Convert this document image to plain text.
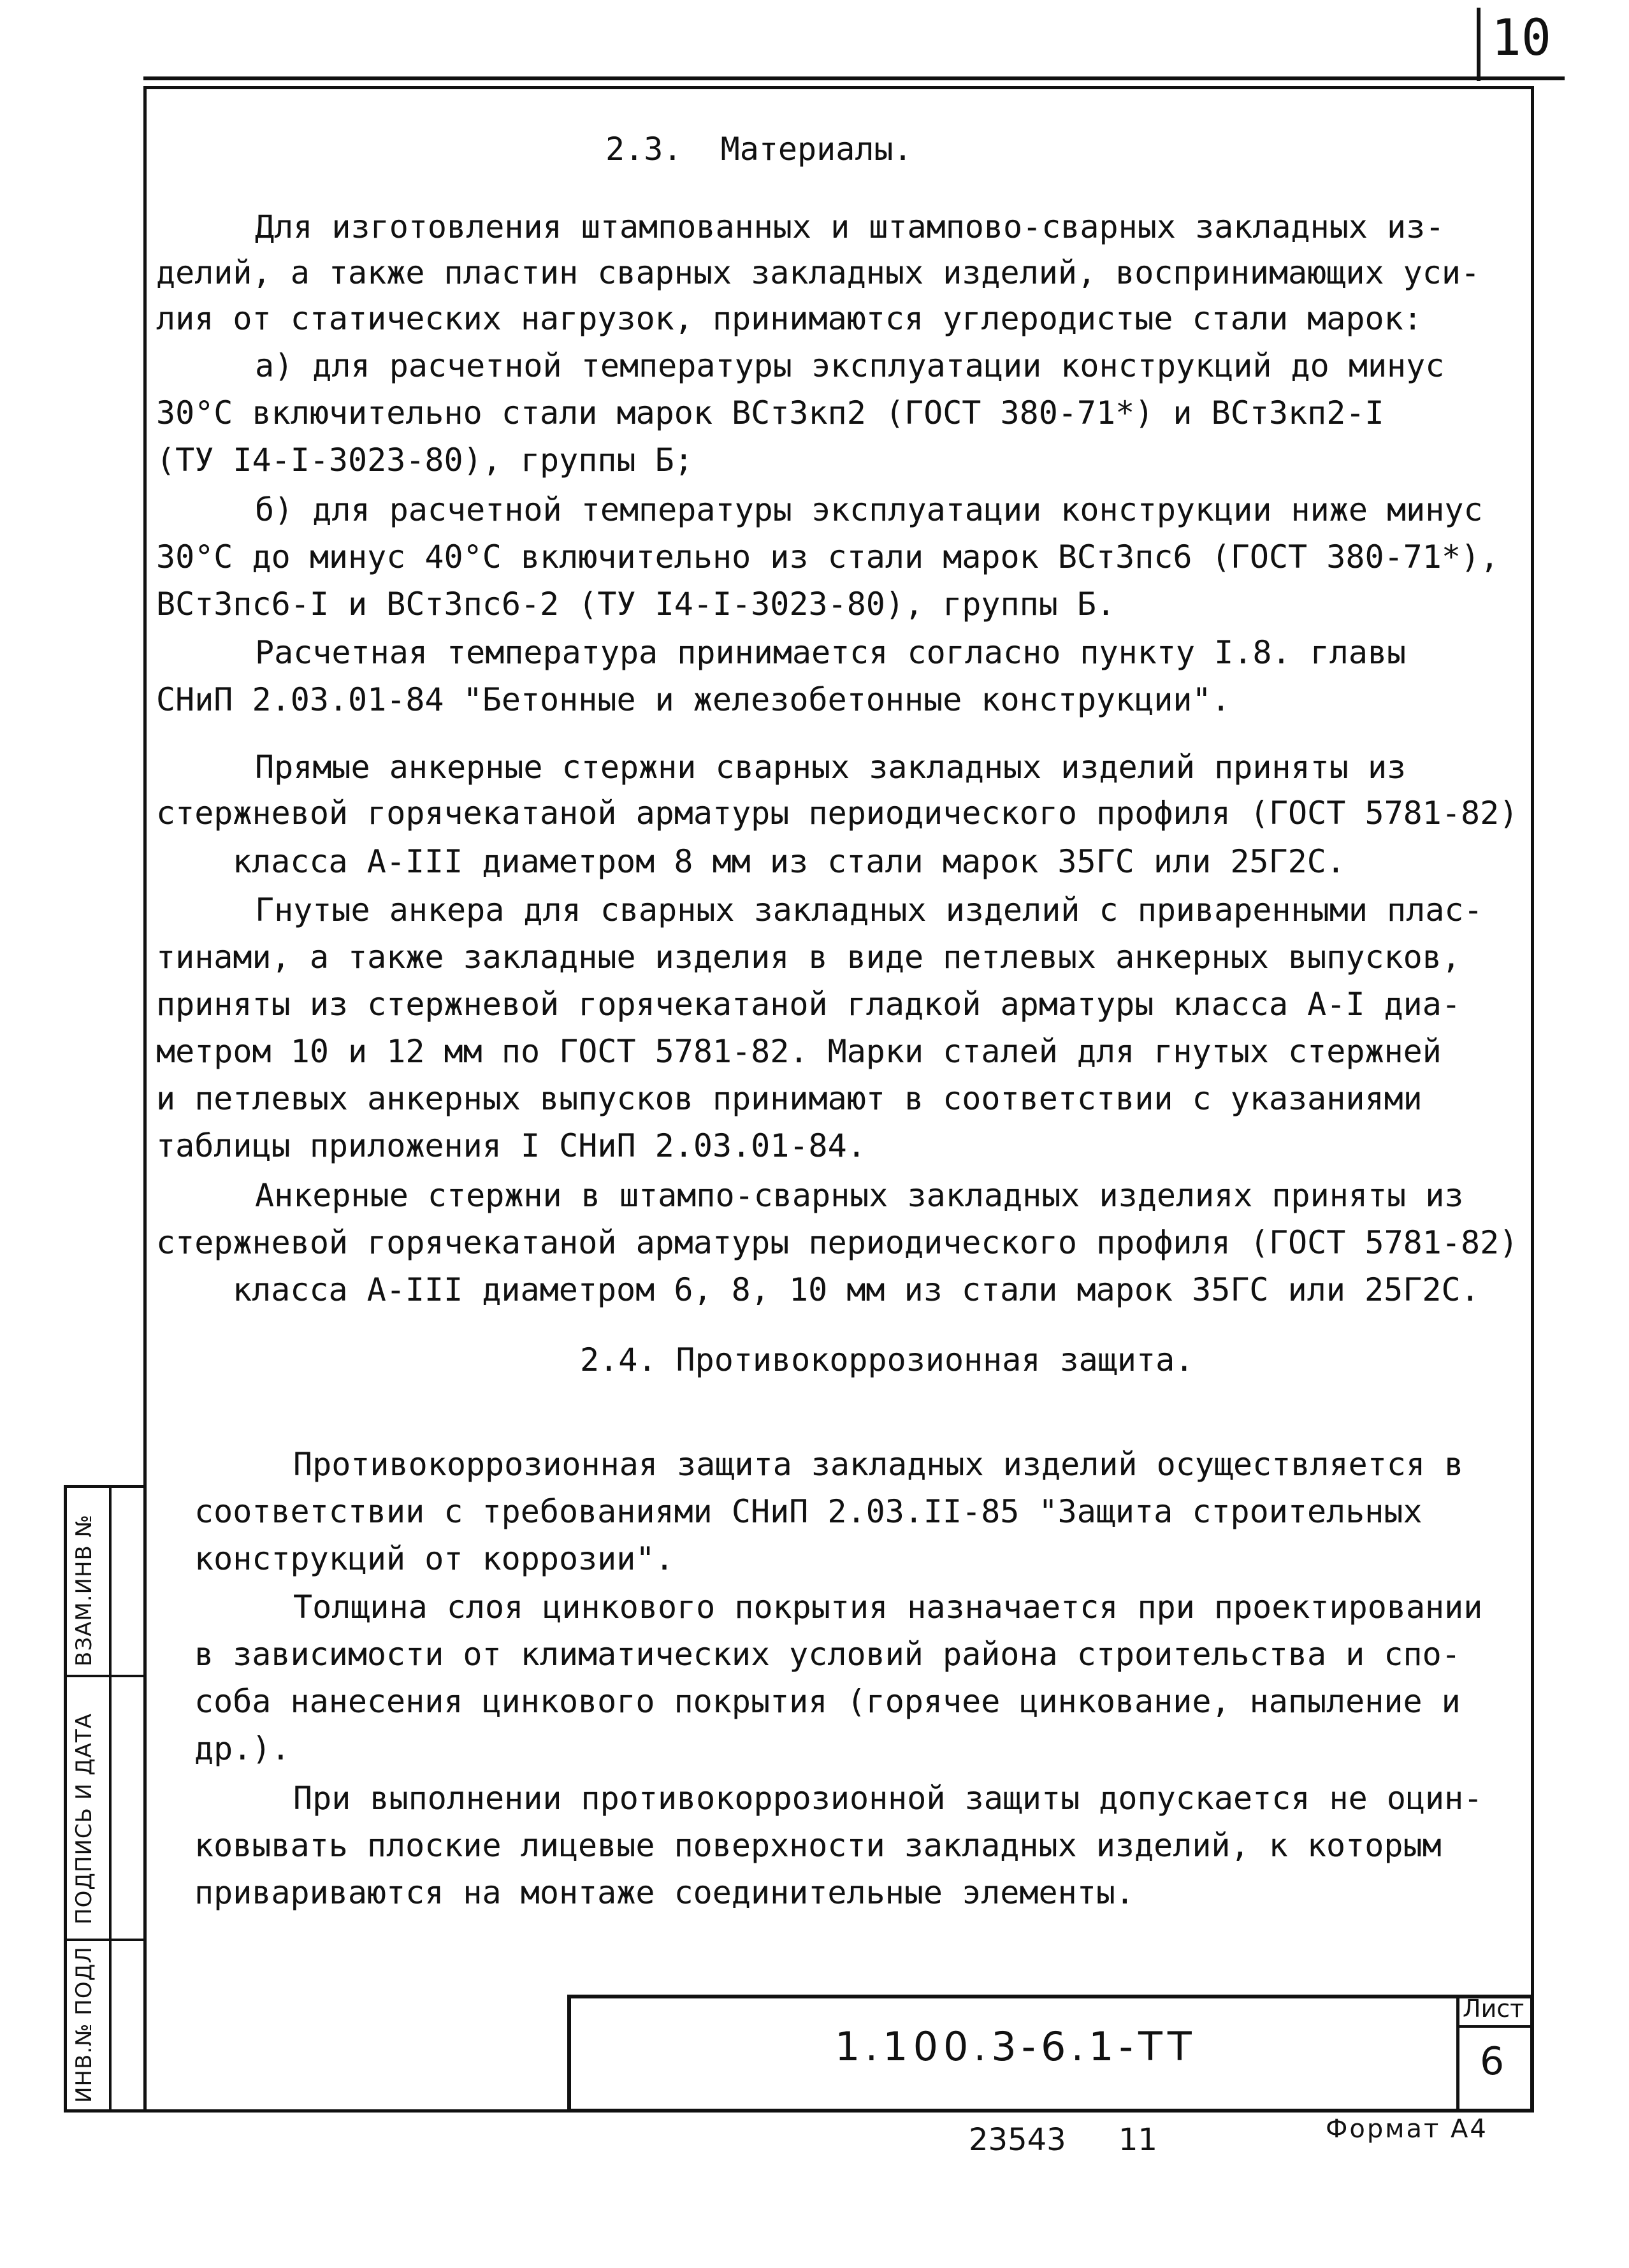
10
2.3.  Материалы.
Для изготовления штампованных и штампово-сварных закладных из-
делий, а также пластин сварных закладных изделий, воспринимающих уси-
лия от статических нагрузок, принимаются углеродистые стали марок:
а) для расчетной температуры эксплуатации конструкций до минус
30°С включительно стали марок ВСт3кп2 (ГОСТ 380-71*) и ВСт3кп2-I
(ТУ I4-I-3023-80), группы Б;
б) для расчетной температуры эксплуатации конструкции ниже минус
30°С до минус 40°С включительно из стали марок ВСт3пс6 (ГОСТ 380-71*),
ВСт3пс6-I и ВСт3пс6-2 (ТУ I4-I-3023-80), группы Б.
Расчетная температура принимается согласно пункту I.8. главы
СНиП 2.03.01-84 "Бетонные и железобетонные конструкции".
Прямые анкерные стержни сварных закладных изделий приняты из
стержневой горячекатаной арматуры периодического профиля (ГОСТ 5781-82)
класса А-III диаметром 8 мм из стали марок 35ГС или 25Г2С.
Гнутые анкера для сварных закладных изделий с приваренными плас-
тинами, а также закладные изделия в виде петлевых анкерных выпусков,
приняты из стержневой горячекатаной гладкой арматуры класса А-I диа-
метром 10 и 12 мм по ГОСТ 5781-82. Марки сталей для гнутых стержней
и петлевых анкерных выпусков принимают в соответствии с указаниями
таблицы приложения I СНиП 2.03.01-84.
Анкерные стержни в штампо-сварных закладных изделиях приняты из
стержневой горячекатаной арматуры периодического профиля (ГОСТ 5781-82)
класса А-III диаметром 6, 8, 10 мм из стали марок 35ГС или 25Г2С.
2.4. Противокоррозионная защита.
Противокоррозионная защита закладных изделий осуществляется в
соответствии с требованиями СНиП 2.03.II-85 "Защита строительных
конструкций от коррозии".
Толщина слоя цинкового покрытия назначается при проектировании
в зависимости от климатических условий района строительства и спо-
соба нанесения цинкового покрытия (горячее цинкование, напыление и
др.).
При выполнении противокоррозионной защиты допускается не оцин-
ковывать плоские лицевые поверхности закладных изделий, к которым
привариваются на монтаже соединительные элементы.
ВЗАМ.ИНВ №
ПОДПИСЬ И ДАТА
ИНВ.№ ПОДЛ	1.100.3-6.1-ТТ
Лист
6
23543 11	Формат А4
